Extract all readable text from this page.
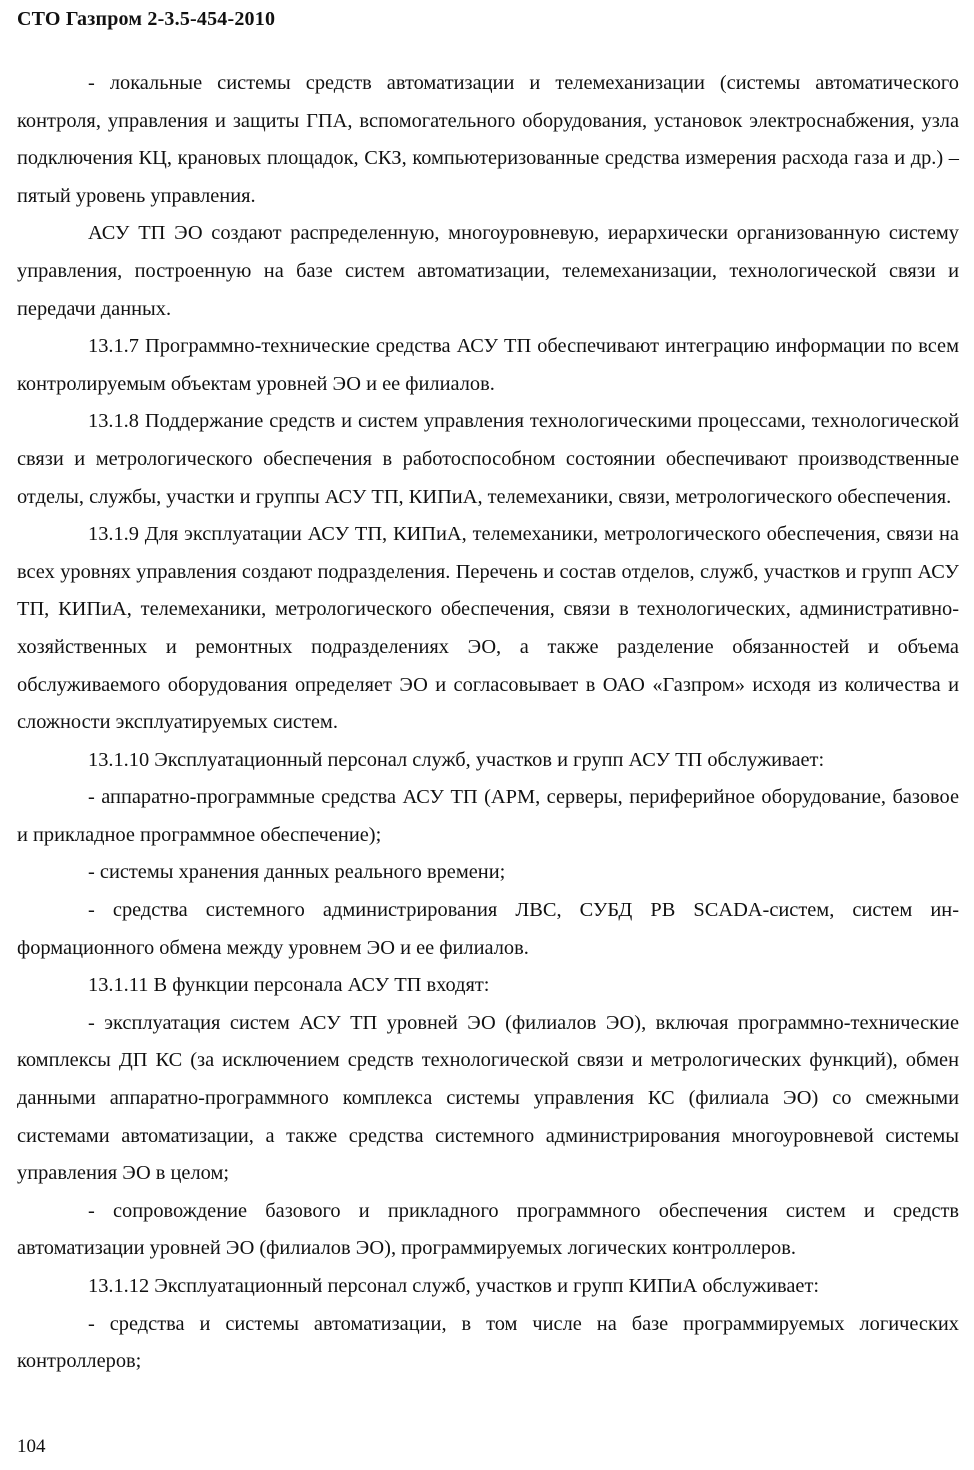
СТО Газпром 2-3.5-454-2010

- локальные системы средств автоматизации и телемеханизации (системы автоматического контроля, управления и защиты ГПА, вспомогательного оборудования, установок электроснабжения, узла подключения КЦ, крановых площадок, СКЗ, компьютеризованные средства измерения расхода газа и др.) – пятый уровень управления.

АСУ ТП ЭО создают распределенную, многоуровневую, иерархически организованную систему управления, построенную на базе систем автоматизации, телемеханизации, технологической связи и передачи данных.

13.1.7 Программно-технические средства АСУ ТП обеспечивают интеграцию информации по всем контролируемым объектам уровней ЭО и ее филиалов.

13.1.8 Поддержание средств и систем управления технологическими процессами, технологической связи и метрологического обеспечения в работоспособном состоянии обеспечивают производственные отделы, службы, участки и группы АСУ ТП, КИПиА, телемеханики, связи, метрологического обеспечения.

13.1.9 Для эксплуатации АСУ ТП, КИПиА, телемеханики, метрологического обеспечения, связи на всех уровнях управления создают подразделения. Перечень и состав отделов, служб, участков и групп АСУ ТП, КИПиА, телемеханики, метрологического обеспечения, связи в технологических, административно-хозяйственных и ремонтных подразделениях ЭО, а также разделение обязанностей и объема обслуживаемого оборудования определяет ЭО и согласовывает в ОАО «Газпром» исходя из количества и сложности эксплуатируемых систем.

13.1.10 Эксплуатационный персонал служб, участков и групп АСУ ТП обслуживает:

- аппаратно-программные средства АСУ ТП (АРМ, серверы, периферийное оборудование, базовое и прикладное программное обеспечение);

- системы хранения данных реального времени;

- средства системного администрирования ЛВС, СУБД РВ SCADA-систем, систем информационного обмена между уровнем ЭО и ее филиалов.

13.1.11 В функции персонала АСУ ТП входят:

- эксплуатация систем АСУ ТП уровней ЭО (филиалов ЭО), включая программно-технические комплексы ДП КС (за исключением средств технологической связи и метрологических функций), обмен данными аппаратно-программного комплекса системы управления КС (филиала ЭО) со смежными системами автоматизации, а также средства системного администрирования многоуровневой системы управления ЭО в целом;

- сопровождение базового и прикладного программного обеспечения систем и средств автоматизации уровней ЭО (филиалов ЭО), программируемых логических контроллеров.

13.1.12 Эксплуатационный персонал служб, участков и групп КИПиА обслуживает:

- средства и системы автоматизации, в том числе на базе программируемых логических контроллеров;

104
